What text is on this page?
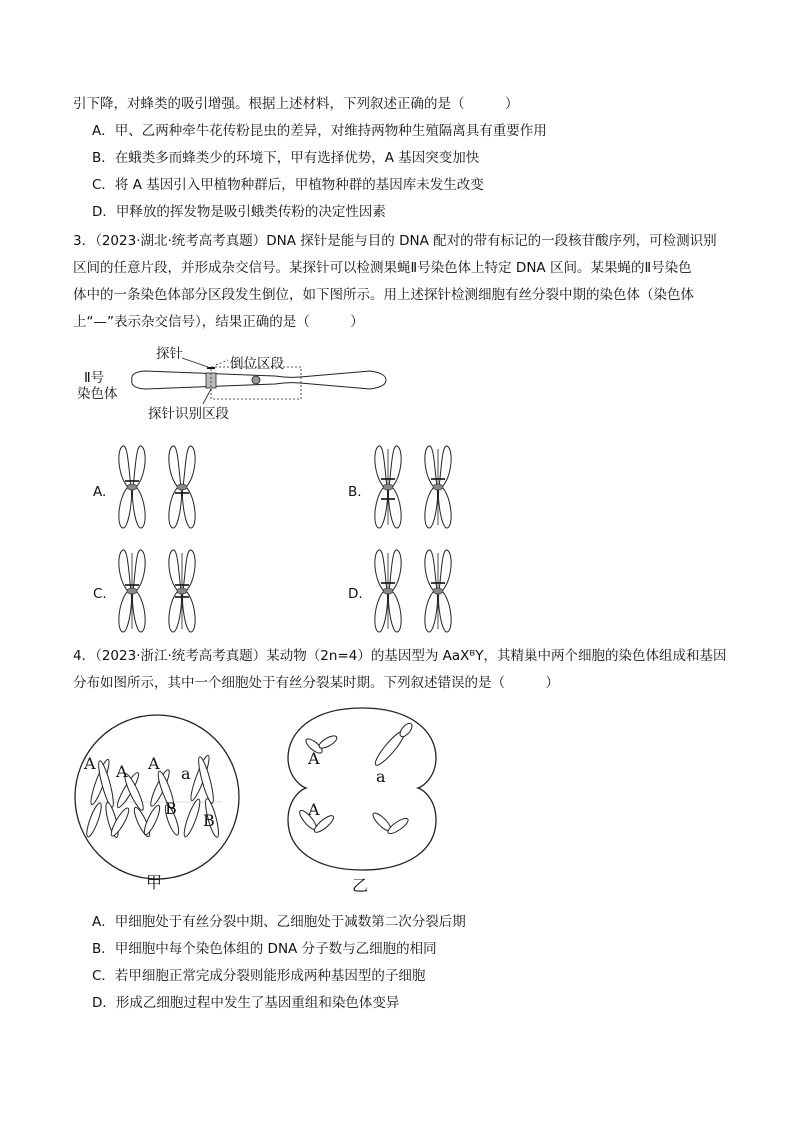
引下降，对蜂类的吸引增强。根据上述材料，下列叙述正确的是（　　　）
A．甲、乙两种牵牛花传粉昆虫的差异，对维持两物种生殖隔离具有重要作用
B．在蛾类多而蜂类少的环境下，甲有选择优势，A 基因突变加快
C．将 A 基因引入甲植物种群后，甲植物种群的基因库未发生改变
D．甲释放的挥发物是吸引蛾类传粉的决定性因素
3．（2023·湖北·统考高考真题）DNA 探针是能与目的 DNA 配对的带有标记的一段核苷酸序列，可检测识别
区间的任意片段，并形成杂交信号。某探针可以检测果蝇Ⅱ号染色体上特定 DNA 区间。某果蝇的Ⅱ号染色
体中的一条染色体部分区段发生倒位，如下图所示。用上述探针检测细胞有丝分裂中期的染色体（染色体
上“—”表示杂交信号），结果正确的是（　　　）
探针
倒位区段
Ⅱ号
染色体
探针识别区段
A.	B.
C.	D.
4．（2023·浙江·统考高考真题）某动物（2n=4）的基因型为 AaXᴮY，其精巢中两个细胞的染色体组成和基因
分布如图所示，其中一个细胞处于有丝分裂某时期。下列叙述错误的是（　　　）
A A A
a
B
B
甲
A
a
A
乙
A．甲细胞处于有丝分裂中期、乙细胞处于减数第二次分裂后期
B．甲细胞中每个染色体组的 DNA 分子数与乙细胞的相同
C．若甲细胞正常完成分裂则能形成两种基因型的子细胞
D．形成乙细胞过程中发生了基因重组和染色体变异
